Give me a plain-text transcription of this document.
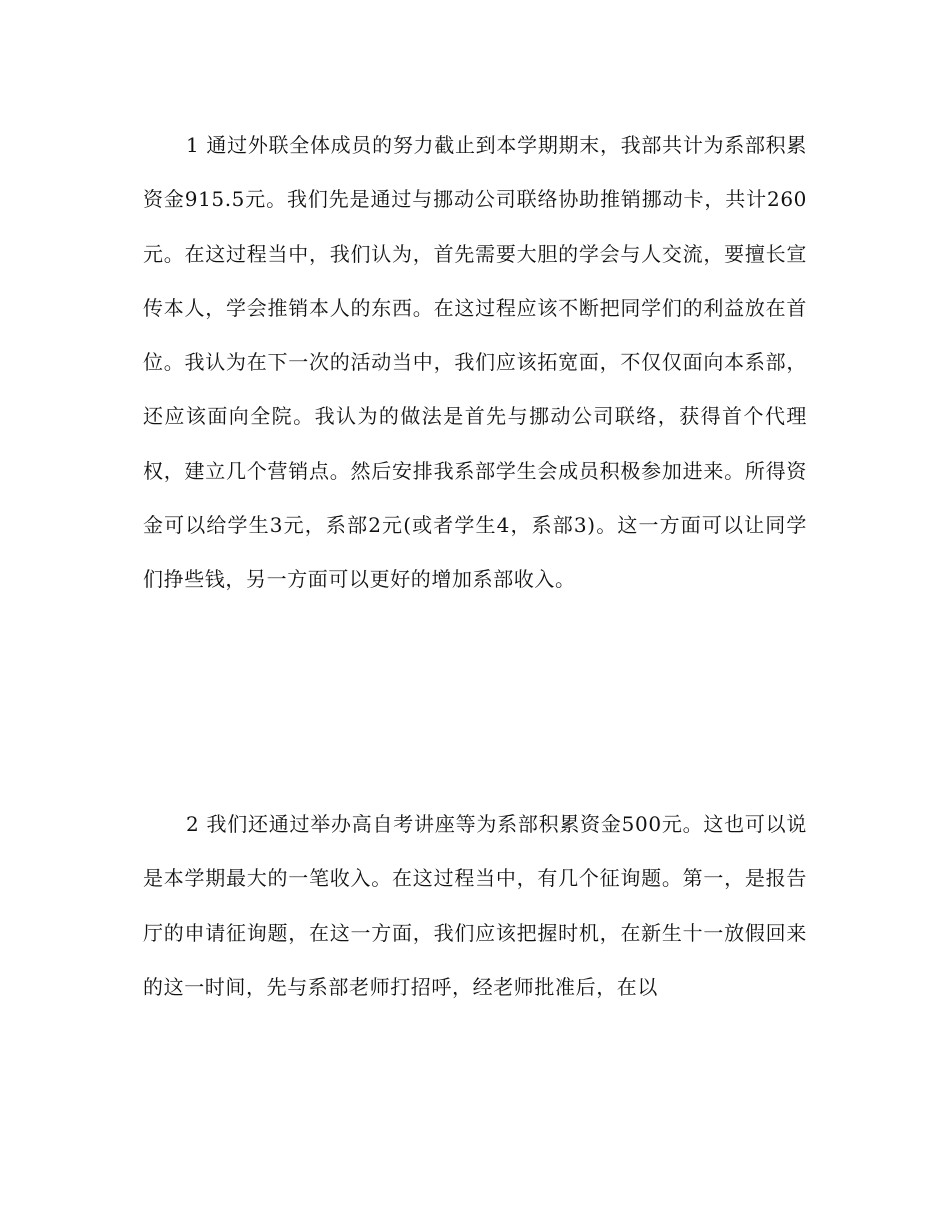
1 通过外联全体成员的努力截止到本学期期末，我部共计为系部积累资金915.5元。我们先是通过与挪动公司联络协助推销挪动卡，共计260元。在这过程当中，我们认为，首先需要大胆的学会与人交流，要擅长宣传本人，学会推销本人的东西。在这过程应该不断把同学们的利益放在首位。我认为在下一次的活动当中，我们应该拓宽面，不仅仅面向本系部，还应该面向全院。我认为的做法是首先与挪动公司联络，获得首个代理权，建立几个营销点。然后安排我系部学生会成员积极参加进来。所得资金可以给学生3元，系部2元(或者学生4，系部3)。这一方面可以让同学们挣些钱，另一方面可以更好的增加系部收入。

2 我们还通过举办高自考讲座等为系部积累资金500元。这也可以说是本学期最大的一笔收入。在这过程当中，有几个征询题。第一，是报告厅的申请征询题，在这一方面，我们应该把握时机，在新生十一放假回来的这一时间，先与系部老师打招呼，经老师批准后，在以
